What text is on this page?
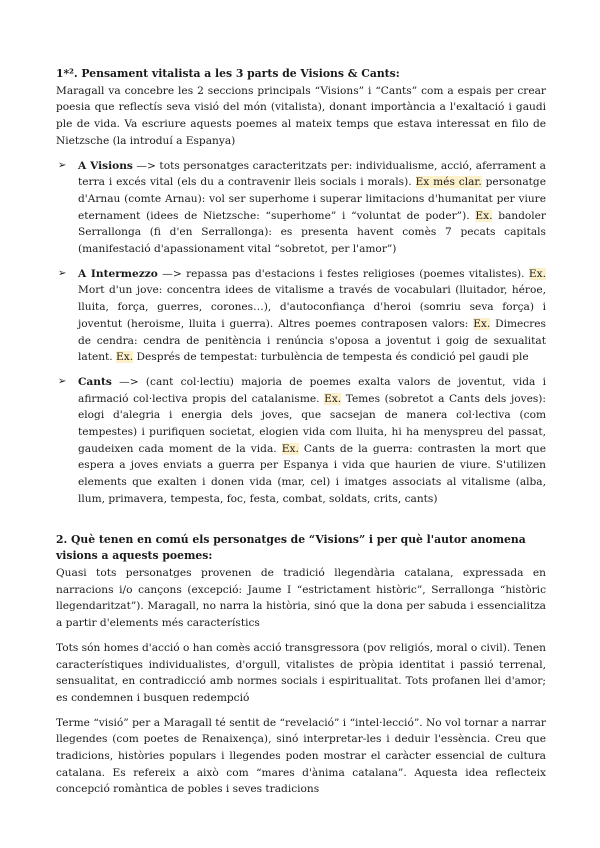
1*². Pensament vitalista a les 3 parts de Visions & Cants:

Maragall va concebre les 2 seccions principals “Visions” i “Cants” com a espais per crear poesia que reflectís seva visió del món (vitalista), donant importància a l'exaltació i gaudi ple de vida. Va escriure aquests poemes al mateix temps que estava interessat en filo de Nietzsche (la introduí a Espanya)

➢ A Visions —> tots personatges caracteritzats per: individualisme, acció, aferrament a terra i excés vital (els du a contravenir lleis socials i morals). Ex més clar. personatge d'Arnau (comte Arnau): vol ser superhome i superar limitacions d'humanitat per viure eternament (idees de Nietzsche: “superhome” i “voluntat de poder”). Ex. bandoler Serrallonga (fi d'en Serrallonga): es presenta havent comès 7 pecats capitals (manifestació d'apassionament vital “sobretot, per l'amor”)
➢ A Intermezzo —> repassa pas d'estacions i festes religioses (poemes vitalistes). Ex. Mort d'un jove: concentra idees de vitalisme a través de vocabulari (lluitador, héroe, lluita, força, guerres, corones…), d'autoconfiança d'heroi (somriu seva força) i joventut (heroisme, lluita i guerra). Altres poemes contraposen valors: Ex. Dimecres de cendra: cendra de penitència i renúncia s'oposa a joventut i goig de sexualitat latent. Ex. Després de tempestat: turbulència de tempesta és condició pel gaudi ple
➢ Cants —> (cant col·lectiu) majoria de poemes exalta valors de joventut, vida i afirmació col·lectiva propis del catalanisme. Ex. Temes (sobretot a Cants dels joves): elogi d'alegria i energia dels joves, que sacsejan de manera col·lectiva (com tempestes) i purifiquen societat, elogien vida com lluita, hi ha menyspreu del passat, gaudeixen cada moment de la vida. Ex. Cants de la guerra: contrasten la mort que espera a joves enviats a guerra per Espanya i vida que haurien de viure. S'utilizen elements que exalten i donen vida (mar, cel) i imatges associats al vitalisme (alba, llum, primavera, tempesta, foc, festa, combat, soldats, crits, cants)
2. Què tenen en comú els personatges de “Visions” i per què l'autor anomena visions a aquests poemes:

Quasi tots personatges provenen de tradició llegendària catalana, expressada en narracions i/o cançons (excepció: Jaume I “estrictament històric”, Serrallonga “històric llegendaritzat”). Maragall, no narra la història, sinó que la dona per sabuda i essencialitza a partir d'elements més característics

Tots són homes d'acció o han comès acció transgressora (pov religiós, moral o civil). Tenen característiques individualistes, d'orgull, vitalistes de pròpia identitat i passió terrenal, sensualitat, en contradicció amb normes socials i espiritualitat. Tots profanen llei d'amor; es condemnen i busquen redempció

Terme “visió” per a Maragall té sentit de “revelació” i “intel·lecció”. No vol tornar a narrar llegendes (com poetes de Renaixença), sinó interpretar-les i deduir l'essència. Creu que tradicions, històries populars i llegendes poden mostrar el caràcter essencial de cultura catalana. Es refereix a això com “mares d'ànima catalana”. Aquesta idea reflecteix concepció romàntica de pobles i seves tradicions
